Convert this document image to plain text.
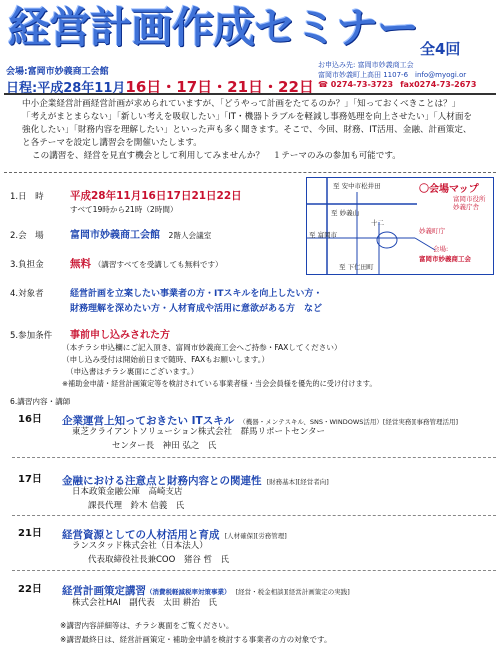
経営計画作成セミナー 全4回
会場:富岡市妙義商工会館
日程:平成28年11月16日・17日・21日・22日
お申込み先: 富岡市妙義商工会
富岡市妙義町上高田 1107-6　 info@myogi.or
☎ 0274-73-3723　 fax0274-73-2673
中小企業経営計画経営計画が求められていますが、「どうやって計画をたてるのか？」「知っておくべきことは？」
「考えがまとまらない」「新しい考えを吸収したい」「IT・機器トラブルを軽減し事務処理を向上させたい」「人材面を
強化したい」「財務内容を理解したい」といった声も多く聞きます。そこで、今回、財務、IT活用、金融、計画策定、
と各テーマを設定し講習会を開催いたします。
この講習を、経営を見直す機会として利用してみませんか？　１テーマのみの参加も可能です。
1.日　時	平成28年11月16日17日21日22日
すべて19時から21時（2時間）
2.会　場	富岡市妙義商工会館　 2階人会議室
3.負担金	無料 （講習すべてを受講しても無料です）
4.対象者	経営計画を立案したい事業者の方・ITスキルを向上したい方・
財務理解を深めたい方・人材育成や活用に意欲がある方　など
5.参加条件 事前申し込みされた方
（本チラシ申込欄にご記入頂き、富岡市妙義商工会へご持参・FAXしてください）
（申し込み受付は開始前日まで随時、FAXもお願いします。）
（申込書はチラシ裏面にございます。）
※補助金申請・経営計画策定等を検討されている事業者様・当会会員様を優先的に受け付けます。
至 安中市松井田	〇会場マップ
富岡市役所
妙義庁舎
至 妙義山
十二
妙義町庁
至 富岡市
会場:
富岡市妙義商工会
至 下仁田町
6.講習内容・講師
16日 企業運営上知っておきたい ITスキル （機器・メンテスキル、SNS・WINDOWS活用）[経営実務][事務管理活用]
東芝クライアントソリューション株式会社　群馬リポートセンター
センター長　神田 弘之　氏
17日 金融における注意点と財務内容との関連性 [財務基本][経営者向]
日本政策金融公庫　高崎支店
課長代理　鈴木 信義　氏
21日 経営資源としての人材活用と育成 [人材確保][労務管理]
ランスタッド株式会社（日本法人）
代表取締役社長兼COO　猪谷 哲　氏
22日 経営計画策定講習（消費税軽減税率対策事業） [経営・税金相談][経営計画策定の実践]
株式会社HAI　副代表　太田 耕治　氏
※講習内容詳細等は、チラシ裏面をご覧ください。
※講習最終日は、経営計画策定・補助金申請を検討する事業者の方の対象です。
